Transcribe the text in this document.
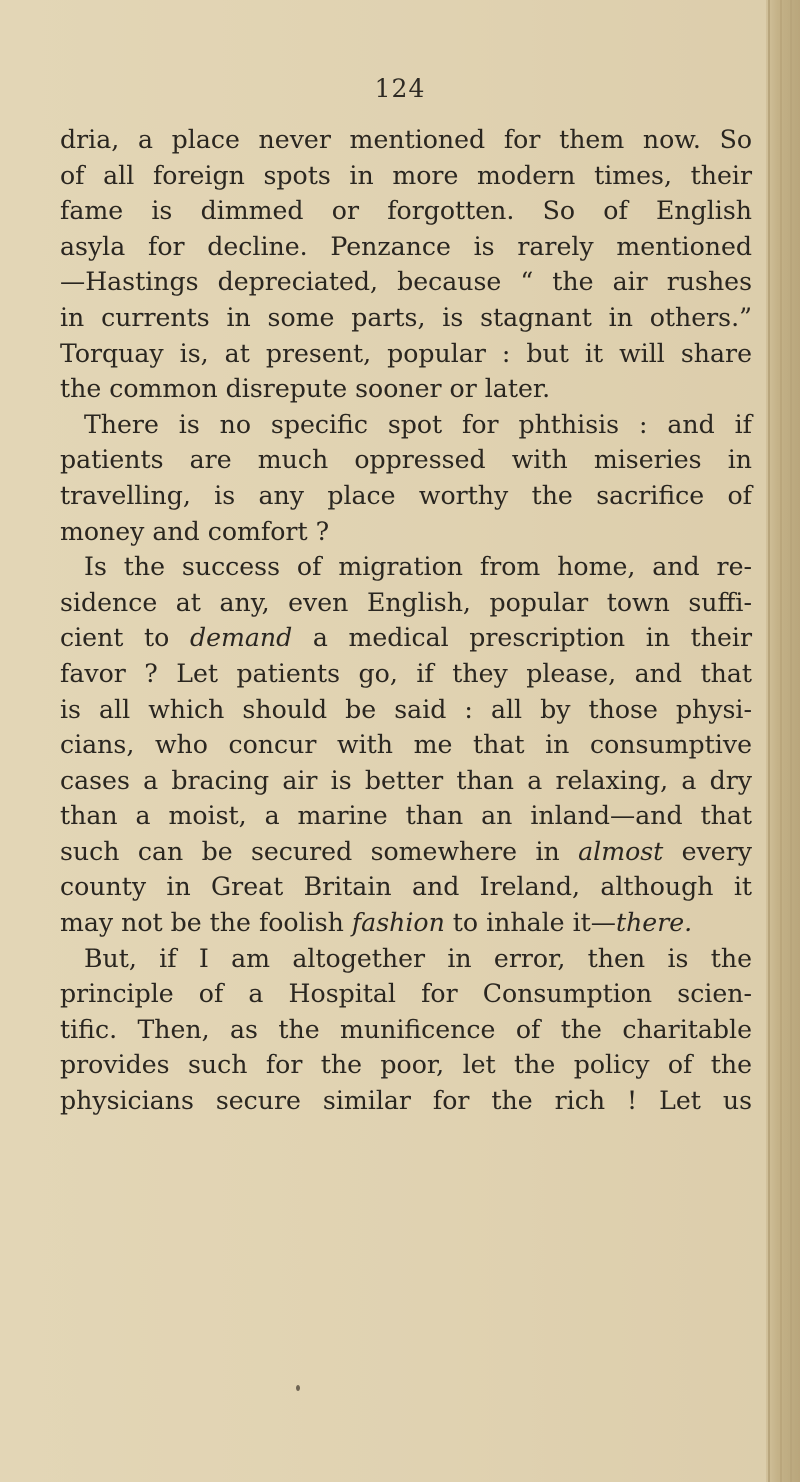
124
dria, a place never mentioned for them now. So
of all foreign spots in more modern times, their
fame is dimmed or forgotten. So of English
asyla for decline. Penzance is rarely mentioned
—Hastings depreciated, because “ the air rushes
in currents in some parts, is stagnant in others.”
Torquay is, at present, popular : but it will share
the common disrepute sooner or later.
There is no specific spot for phthisis : and if
patients are much oppressed with miseries in
travelling, is any place worthy the sacrifice of
money and comfort ?
Is the success of migration from home, and re-
sidence at any, even English, popular town suffi-
cient to demand a medical prescription in their
favor ? Let patients go, if they please, and that
is all which should be said : all by those physi-
cians, who concur with me that in consumptive
cases a bracing air is better than a relaxing, a dry
than a moist, a marine than an inland—and that
such can be secured somewhere in almost every
county in Great Britain and Ireland, although it
may not be the foolish fashion to inhale it—there.
But, if I am altogether in error, then is the
principle of a Hospital for Consumption scien-
tific. Then, as the munificence of the charitable
provides such for the poor, let the policy of the
physicians secure similar for the rich ! Let us
